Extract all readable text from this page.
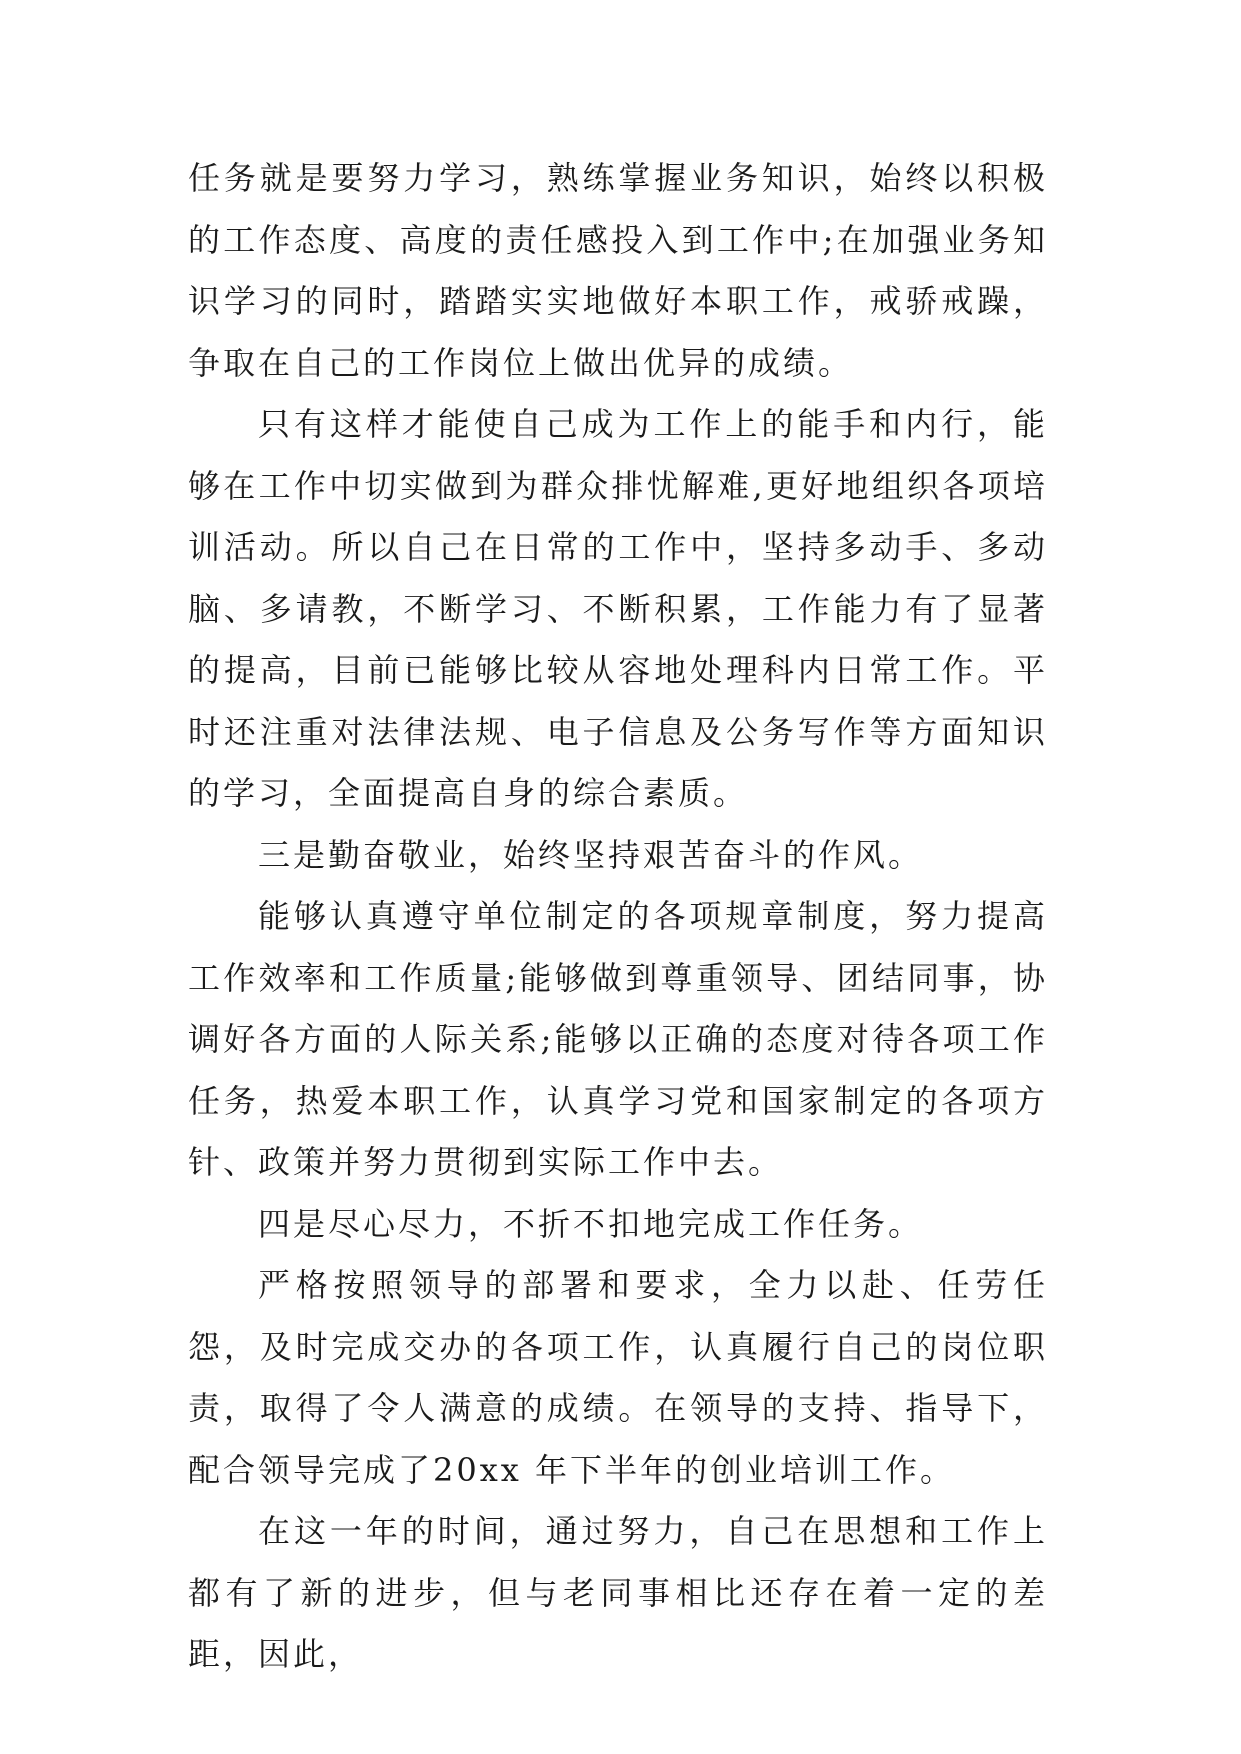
任务就是要努力学习，熟练掌握业务知识，始终以积极的工作态度、高度的责任感投入到工作中;在加强业务知识学习的同时，踏踏实实地做好本职工作，戒骄戒躁，争取在自己的工作岗位上做出优异的成绩。

只有这样才能使自己成为工作上的能手和内行，能够在工作中切实做到为群众排忧解难,更好地组织各项培训活动。所以自己在日常的工作中，坚持多动手、多动脑、多请教，不断学习、不断积累，工作能力有了显著的提高，目前已能够比较从容地处理科内日常工作。平时还注重对法律法规、电子信息及公务写作等方面知识的学习，全面提高自身的综合素质。

三是勤奋敬业，始终坚持艰苦奋斗的作风。

能够认真遵守单位制定的各项规章制度，努力提高工作效率和工作质量;能够做到尊重领导、团结同事，协调好各方面的人际关系;能够以正确的态度对待各项工作任务，热爱本职工作，认真学习党和国家制定的各项方针、政策并努力贯彻到实际工作中去。

四是尽心尽力，不折不扣地完成工作任务。

严格按照领导的部署和要求，全力以赴、任劳任怨，及时完成交办的各项工作，认真履行自己的岗位职责，取得了令人满意的成绩。在领导的支持、指导下，配合领导完成了20xx 年下半年的创业培训工作。

在这一年的时间，通过努力，自己在思想和工作上都有了新的进步，但与老同事相比还存在着一定的差距，因此，
